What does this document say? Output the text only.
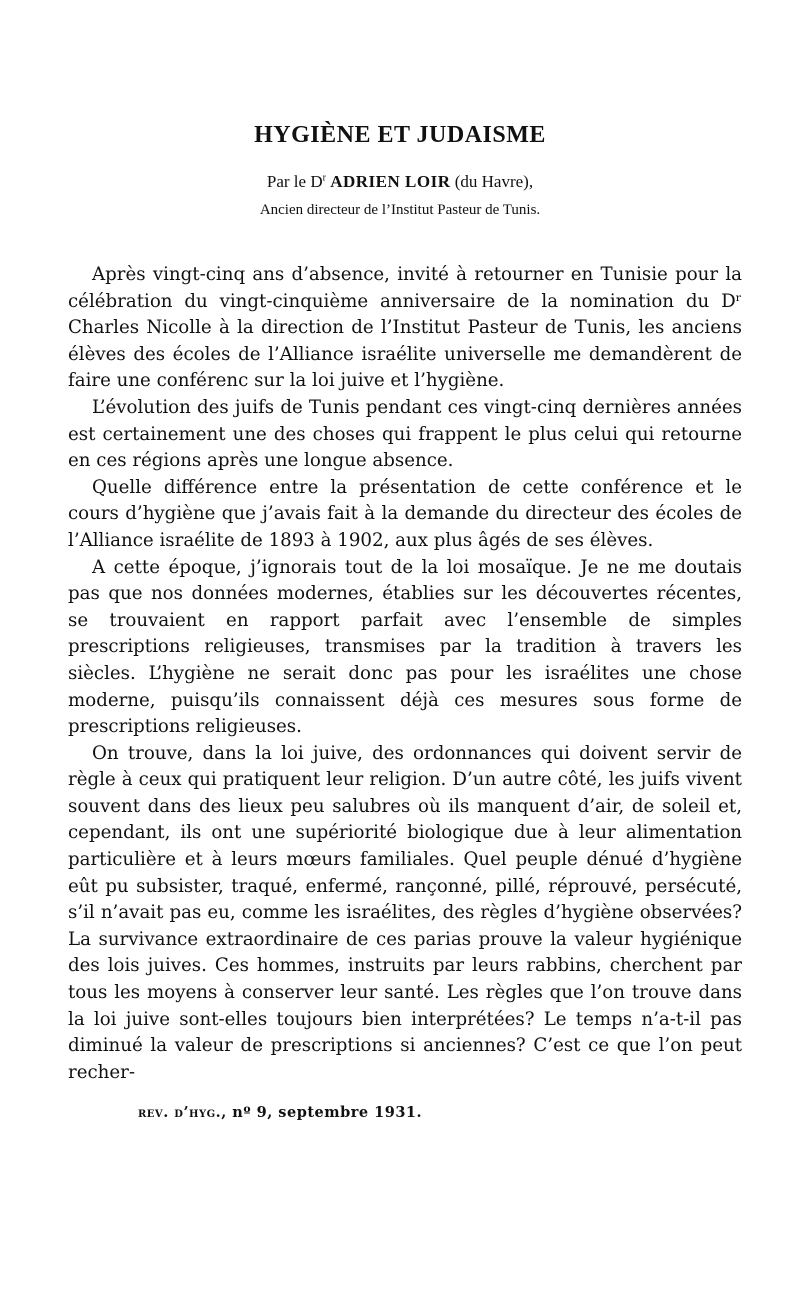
HYGIÈNE ET JUDAISME

Par le $D^r$ ADRIEN LOIR (du Havre),

Ancien directeur de l’Institut Pasteur de Tunis.

Après vingt-cinq ans d’absence, invité à retourner en Tunisie pour la célébration du vingt-cinquième anniversaire de la nomination du Dʳ Charles Nicolle à la direction de l’Institut Pasteur de Tunis, les anciens élèves des écoles de l’Alliance israélite universelle me demandèrent de faire une conférenc sur la loi juive et l’hygiène.

L’évolution des juifs de Tunis pendant ces vingt-cinq dernières années est certainement une des choses qui frappent le plus celui qui retourne en ces régions après une longue absence.

Quelle différence entre la présentation de cette conférence et le cours d’hygiène que j’avais fait à la demande du directeur des écoles de l’Alliance israélite de 1893 à 1902, aux plus âgés de ses élèves.

A cette époque, j’ignorais tout de la loi mosaïque. Je ne me doutais pas que nos données modernes, établies sur les découvertes récentes, se trouvaient en rapport parfait avec l’ensemble de simples prescriptions religieuses, transmises par la tradition à travers les siècles. L’hygiène ne serait donc pas pour les israélites une chose moderne, puisqu’ils connaissent déjà ces mesures sous forme de prescriptions religieuses.

On trouve, dans la loi juive, des ordonnances qui doivent servir de règle à ceux qui pratiquent leur religion. D’un autre côté, les juifs vivent souvent dans des lieux peu salubres où ils manquent d’air, de soleil et, cependant, ils ont une supériorité biologique due à leur alimentation particulière et à leurs mœurs familiales. Quel peuple dénué d’hygiène eût pu subsister, traqué, enfermé, rançonné, pillé, réprouvé, persécuté, s’il n’avait pas eu, comme les israélites, des règles d’hygiène observées? La survivance extraordinaire de ces parias prouve la valeur hygiénique des lois juives. Ces hommes, instruits par leurs rabbins, cherchent par tous les moyens à conserver leur santé. Les règles que l’on trouve dans la loi juive sont-elles toujours bien interprétées? Le temps n’a-t-il pas diminué la valeur de prescriptions si anciennes? C’est ce que l’on peut recher-

rev. d’hyg., nº 9, septembre 1931.
